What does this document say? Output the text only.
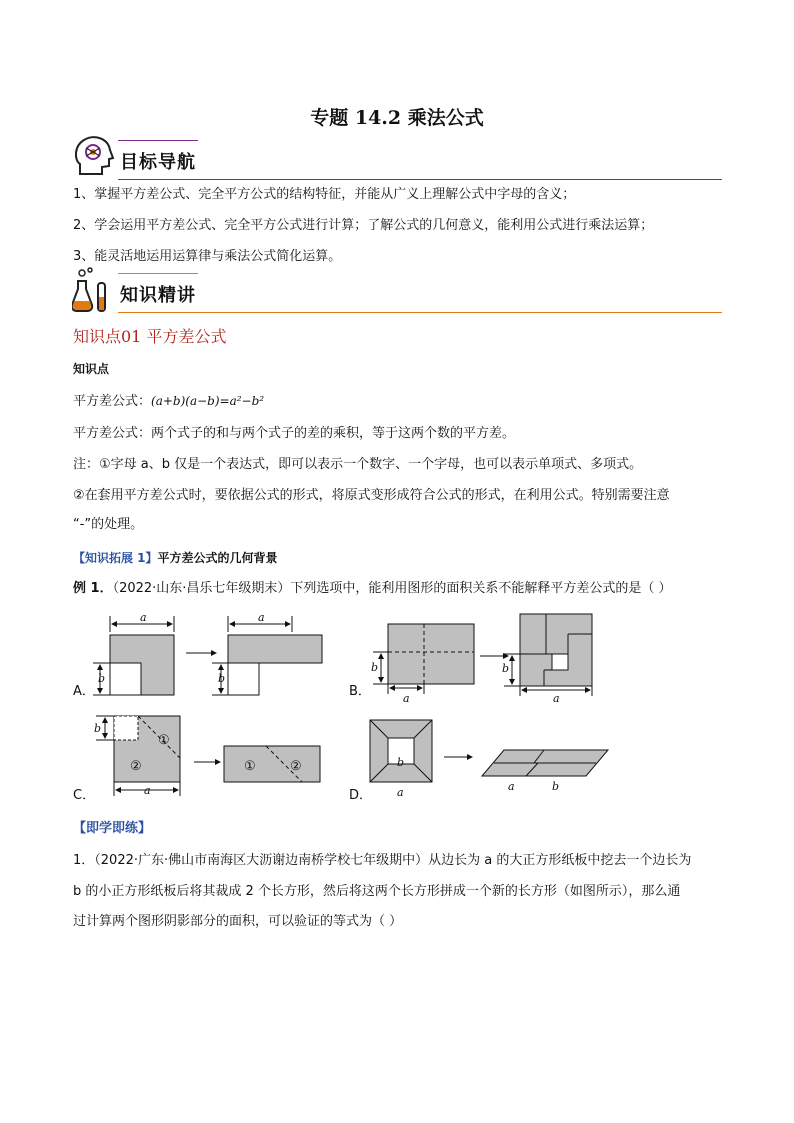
专题 14.2 乘法公式
目标导航
1、掌握平方差公式、完全平方公式的结构特征，并能从广义上理解公式中字母的含义；
2、学会运用平方差公式、完全平方公式进行计算；了解公式的几何意义，能利用公式进行乘法运算；
3、能灵活地运用运算律与乘法公式简化运算。
知识精讲
知识点01 平方差公式
知识点
平方差公式：(a+b)(a−b)=a²−b²
平方差公式：两个式子的和与两个式子的差的乘积，等于这两个数的平方差。
注：①字母 a、b 仅是一个表达式，即可以表示一个数字、一个字母，也可以表示单项式、多项式。
②在套用平方差公式时，要依据公式的形式，将原式变形成符合公式的形式，在利用公式。特别需要注意
“-”的处理。
【知识拓展 1】平方差公式的几何背景
例 1．（2022·山东·昌乐七年级期末）下列选项中，能利用图形的面积关系不能解释平方差公式的是（ ）
a
b
a
b
b
a
b
a
b
a
b
a	a	b
①
②	①	②
A．	B．
C．	D．
【即学即练】
1．（2022·广东·佛山市南海区大沥谢边南桥学校七年级期中）从边长为 a 的大正方形纸板中挖去一个边长为
b 的小正方形纸板后将其裁成 2 个长方形，然后将这两个长方形拼成一个新的长方形（如图所示），那么通
过计算两个图形阴影部分的面积，可以验证的等式为（ ）
